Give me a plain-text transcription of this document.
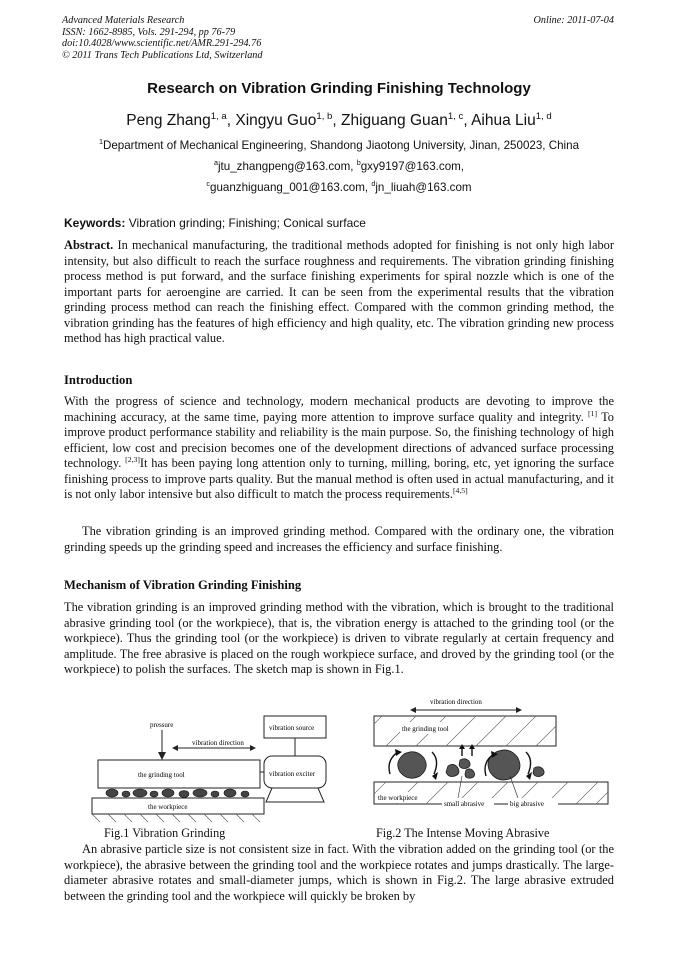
Advanced Materials Research
ISSN: 1662-8985, Vols. 291-294, pp 76-79
doi:10.4028/www.scientific.net/AMR.291-294.76
© 2011 Trans Tech Publications Ltd, Switzerland
Online: 2011-07-04
Research on Vibration Grinding Finishing Technology
Peng Zhang$^{1, a}$, Xingyu Guo$^{1, b}$, Zhiguang Guan$^{1, c}$, Aihua Liu$^{1, d}$
$^1$Department of Mechanical Engineering, Shandong Jiaotong University, Jinan, 250023, China
$^a$jtu_zhangpeng@163.com, $^b$gxy9197@163.com,
$^c$guanzhiguang_001@163.com, $^d$jn_liuah@163.com
Keywords: Vibration grinding; Finishing; Conical surface
Abstract. In mechanical manufacturing, the traditional methods adopted for finishing is not only high labor intensity, but also difficult to reach the surface roughness and requirements. The vibration grinding finishing process method is put forward, and the surface finishing experiments for spiral nozzle which is one of the important parts for aeroengine are carried. It can be seen from the experimental results that the vibration grinding process method can reach the finishing effect. Compared with the common grinding method, the vibration grinding has the features of high efficiency and high quality, etc. The vibration grinding new process method has high practical value.
Introduction
With the progress of science and technology, modern mechanical products are devoting to improve the machining accuracy, at the same time, paying more attention to improve surface quality and integrity. [1] To improve product performance stability and reliability is the main purpose. So, the finishing technology of high efficient, low cost and precision becomes one of the development directions of advanced surface processing technology. [2,3]It has been paying long attention only to turning, milling, boring, etc, yet ignoring the surface finishing process to improve parts quality. But the manual method is often used in actual manufacturing, and it is not only labor intensive but also difficult to match the process requirements.[4,5]
The vibration grinding is an improved grinding method. Compared with the ordinary one, the vibration grinding speeds up the grinding speed and increases the efficiency and surface finishing.
Mechanism of Vibration Grinding Finishing
The vibration grinding is an improved grinding method with the vibration, which is brought to the traditional abrasive grinding tool (or the workpiece), that is, the vibration energy is attached to the grinding tool (or the workpiece). Thus the grinding tool (or the workpiece) is driven to vibrate regularly at certain frequency and amplitude. The free abrasive is placed on the rough workpiece surface, and droved by the grinding tool (or the workpiece) to polish the surfaces. The sketch map is shown in Fig.1.
pressure
vibration direction
the grinding tool
the workpiece
vibration source
vibration exciter
vibration direction
the grinding tool
the workpiece
small abrasive	big abrasive
Fig.1 Vibration Grinding	Fig.2 The Intense Moving Abrasive
An abrasive particle size is not consistent size in fact. With the vibration added on the grinding tool (or the workpiece), the abrasive between the grinding tool and the workpiece rotates and jumps drastically. The large-diameter abrasive rotates and small-diameter jumps, which is shown in Fig.2. The large abrasive extruded between the grinding tool and the workpiece will quickly be broken by
